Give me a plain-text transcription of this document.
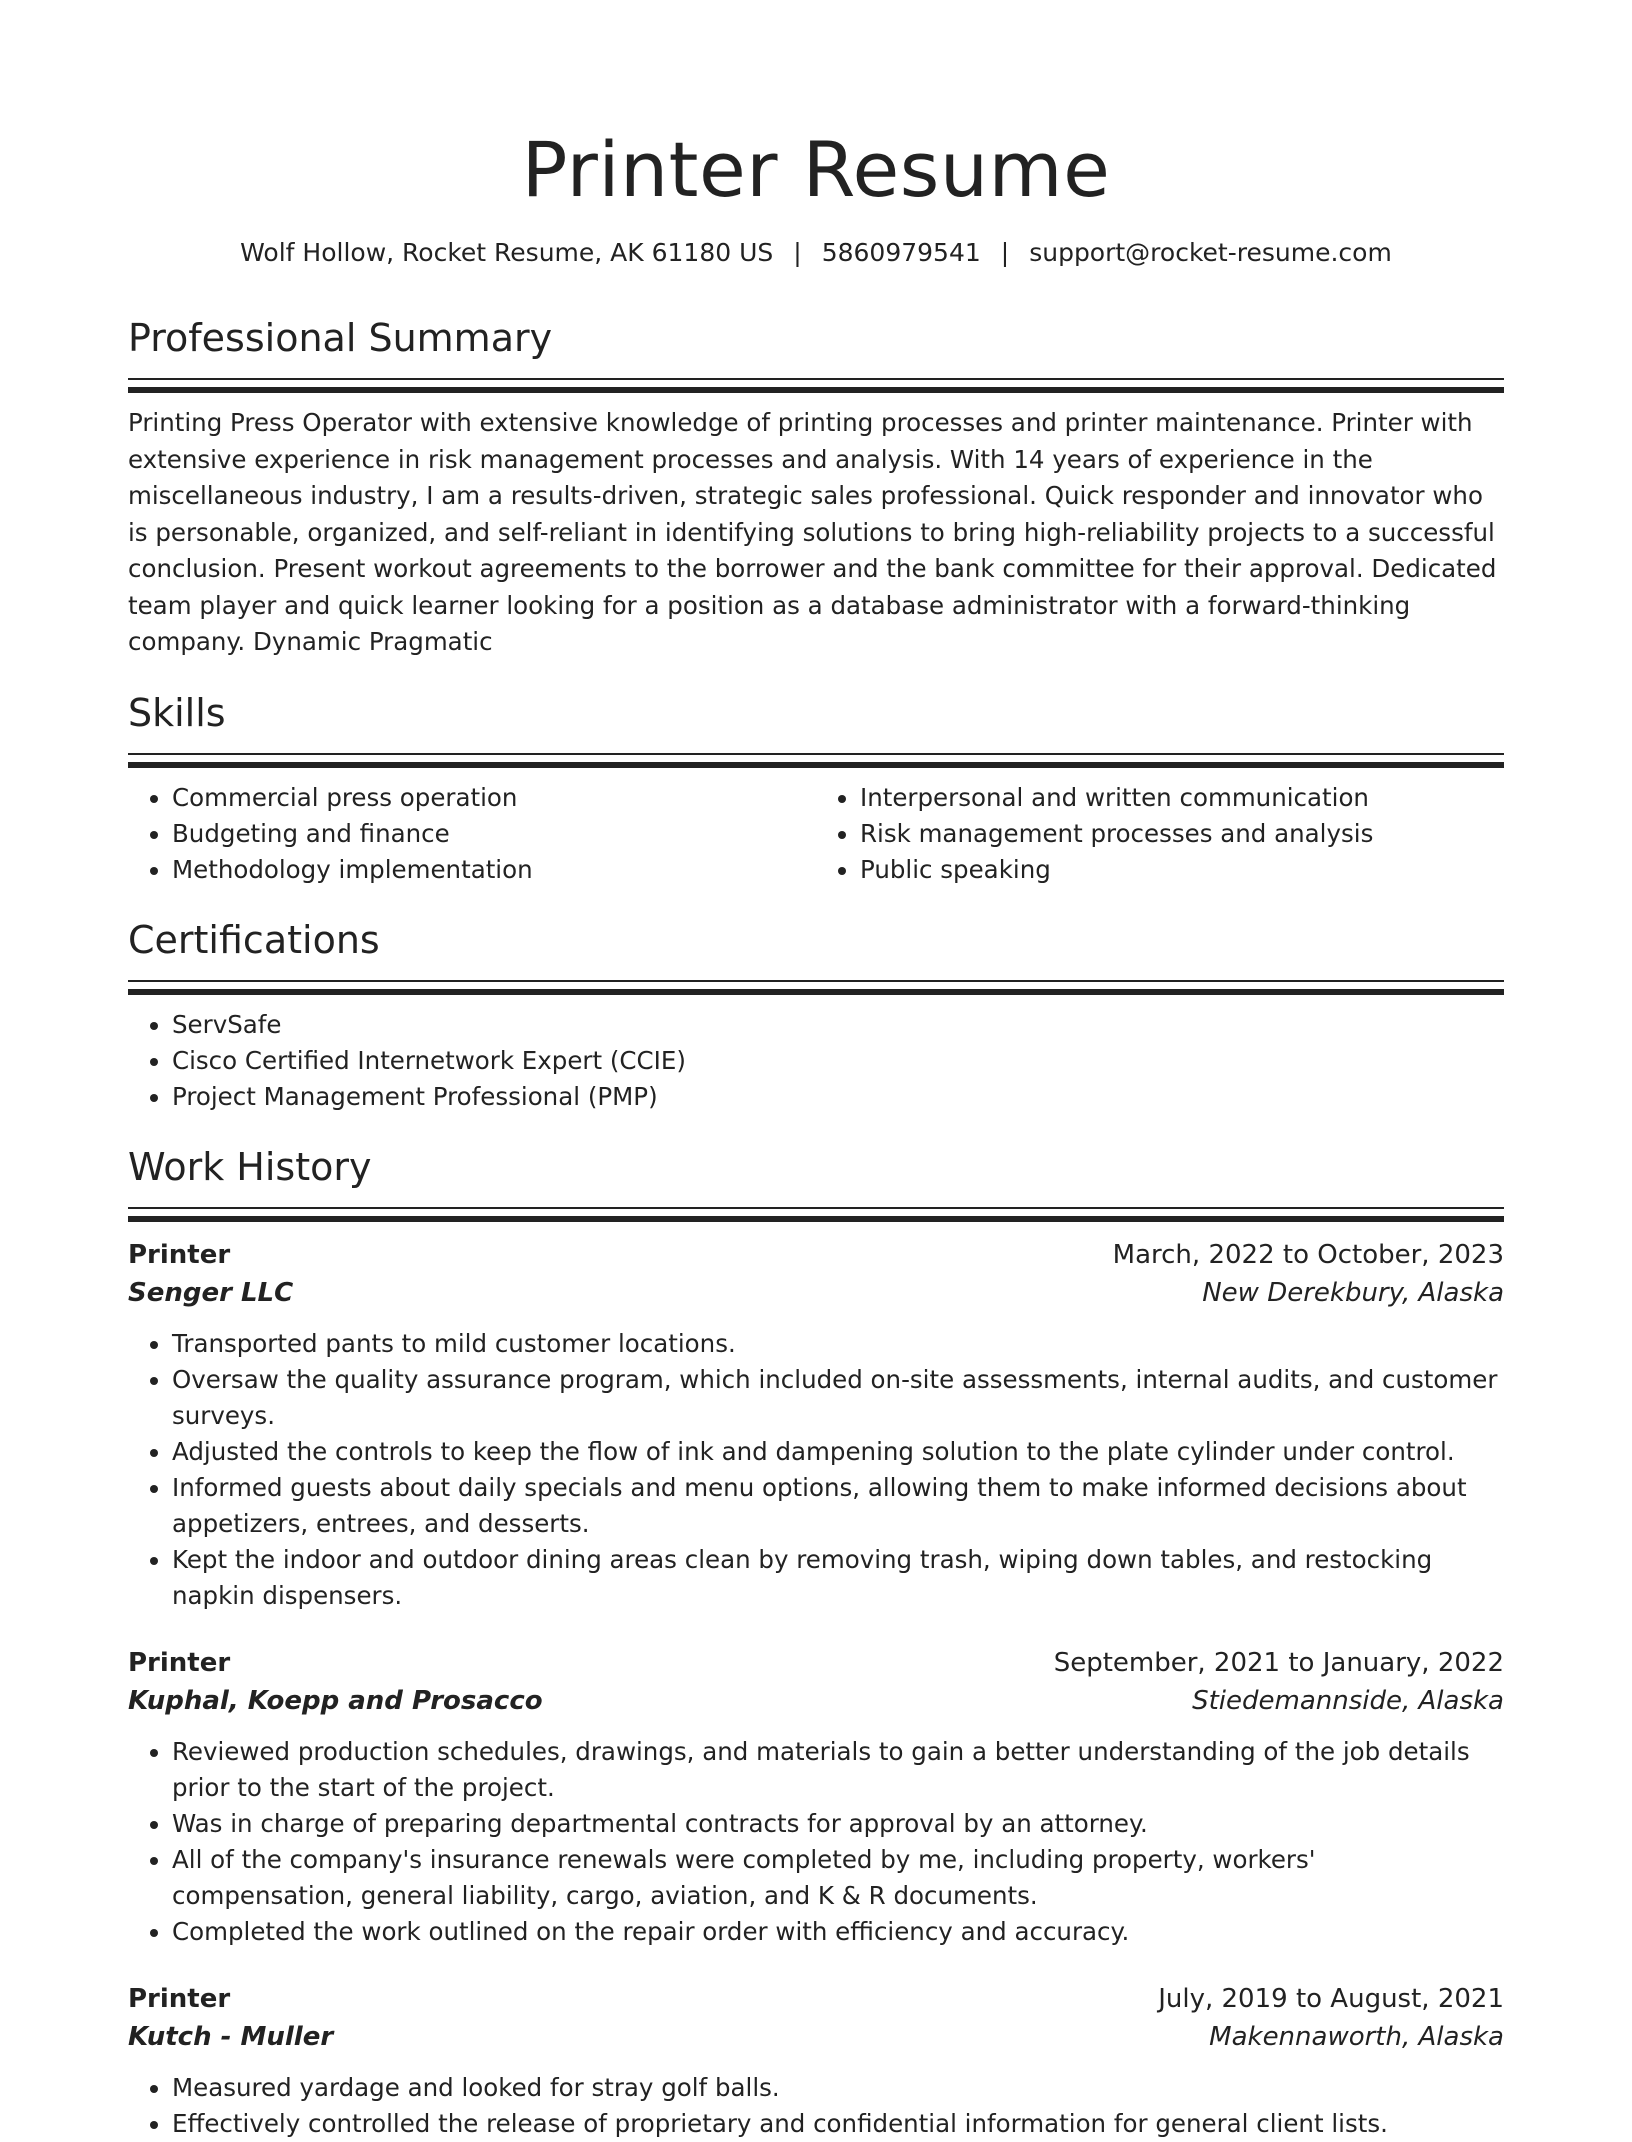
Printer Resume
Wolf Hollow, Rocket Resume, AK 61180 US | 5860979541 | support@rocket-resume.com
Professional Summary
Printing Press Operator with extensive knowledge of printing processes and printer maintenance. Printer with extensive experience in risk management processes and analysis. With 14 years of experience in the miscellaneous industry, I am a results-driven, strategic sales professional. Quick responder and innovator who is personable, organized, and self-reliant in identifying solutions to bring high-reliability projects to a successful conclusion. Present workout agreements to the borrower and the bank committee for their approval. Dedicated team player and quick learner looking for a position as a database administrator with a forward-thinking company. Dynamic Pragmatic
Skills
• Commercial press operation
• Budgeting and finance
• Methodology implementation
• Interpersonal and written communication
• Risk management processes and analysis
• Public speaking
Certifications
• ServSafe
• Cisco Certified Internetwork Expert (CCIE)
• Project Management Professional (PMP)
Work History
Printer	March, 2022 to October, 2023
Senger LLC	New Derekbury, Alaska
• Transported pants to mild customer locations.
• Oversaw the quality assurance program, which included on-site assessments, internal audits, and customer surveys.
• Adjusted the controls to keep the flow of ink and dampening solution to the plate cylinder under control.
• Informed guests about daily specials and menu options, allowing them to make informed decisions about appetizers, entrees, and desserts.
• Kept the indoor and outdoor dining areas clean by removing trash, wiping down tables, and restocking napkin dispensers.
Printer	September, 2021 to January, 2022
Kuphal, Koepp and Prosacco	Stiedemannside, Alaska
• Reviewed production schedules, drawings, and materials to gain a better understanding of the job details prior to the start of the project.
• Was in charge of preparing departmental contracts for approval by an attorney.
• All of the company's insurance renewals were completed by me, including property, workers' compensation, general liability, cargo, aviation, and K & R documents.
• Completed the work outlined on the repair order with efficiency and accuracy.
Printer	July, 2019 to August, 2021
Kutch - Muller	Makennaworth, Alaska
• Measured yardage and looked for stray golf balls.
• Effectively controlled the release of proprietary and confidential information for general client lists.
